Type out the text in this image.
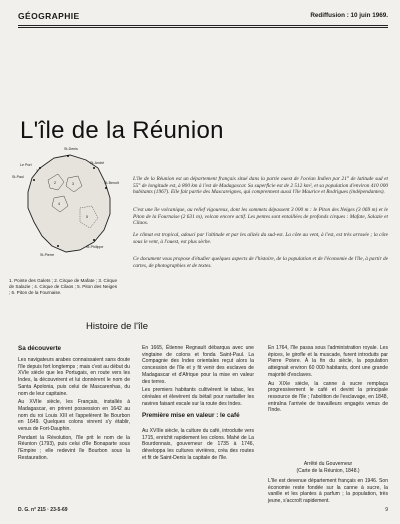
GÉOGRAPHIE	Rediffusion : 10 juin 1969.
L'île de la Réunion
St-Denis
Le Port
St-Paul
St-André
St-Benoît
St-Pierre
St-Philippe
1
2	3
4
5
1. Pointe des Galets ; 2. Cirque de Mafate ; 3. Cirque de Salazie ; 4. Cirque de Cilaos ; 5. Piton des Neiges ; 6. Piton de la Fournaise.
L'île de la Réunion est un département français situé dans la partie ouest de l'océan Indien par 21° de latitude sud et 55° de longitude est, à 800 km à l'est de Madagascar. Sa superficie est de 2 512 km², et sa population d'environ 410 000 habitants (1967). Elle fait partie des Mascareignes, qui comprennent aussi l'île Maurice et Rodrigues (indépendantes).
C'est une île volcanique, au relief vigoureux, dont les sommets dépassent 3 000 m : le Piton des Neiges (3 069 m) et le Piton de la Fournaise (2 631 m), volcan encore actif. Les pentes sont entaillées de profonds cirques : Mafate, Salazie et Cilaos.
Le climat est tropical, adouci par l'altitude et par les alizés du sud-est. La côte au vent, à l'est, est très arrosée ; la côte sous le vent, à l'ouest, est plus sèche.
Ce document vous propose d'étudier quelques aspects de l'histoire, de la population et de l'économie de l'île, à partir de cartes, de photographies et de textes.
Histoire de l'île
Sa découverte

Les navigateurs arabes connaissaient sans doute l'île depuis fort longtemps ; mais c'est au début du XVIe siècle que les Portugais, en route vers les Indes, la découvrirent et lui donnèrent le nom de Santa Apolonia, puis celui de Mascarenhas, du nom de leur capitaine.

Au XVIIe siècle, les Français, installés à Madagascar, en prirent possession en 1642 au nom du roi Louis XIII et l'appelèrent île Bourbon en 1649. Quelques colons vinrent s'y établir, venus de Fort-Dauphin.

Pendant la Révolution, l'île prit le nom de la Réunion (1793), puis celui d'île Bonaparte sous l'Empire ; elle redevint île Bourbon sous la Restauration.

En 1665, Étienne Regnault débarqua avec une vingtaine de colons et fonda Saint-Paul. La Compagnie des Indes orientales reçut alors la concession de l'île et y fit venir des esclaves de Madagascar et d'Afrique pour la mise en valeur des terres.

Les premiers habitants cultivèrent le tabac, les céréales et élevèrent du bétail pour ravitailler les navires faisant escale sur la route des Indes.

Première mise en valeur : le café

Au XVIIIe siècle, la culture du café, introduite vers 1715, enrichit rapidement les colons. Mahé de La Bourdonnais, gouverneur de 1735 à 1746, développa les cultures vivrières, créa des routes et fit de Saint-Denis la capitale de l'île.

En 1764, l'île passa sous l'administration royale. Les épices, le girofle et la muscade, furent introduits par Pierre Poivre. À la fin du siècle, la population atteignait environ 60 000 habitants, dont une grande majorité d'esclaves.

Au XIXe siècle, la canne à sucre remplaça progressivement le café et devint la principale ressource de l'île ; l'abolition de l'esclavage, en 1848, entraîna l'arrivée de travailleurs engagés venus de l'Inde.

Arrêté du Gouverneur
(Carte de la Réunion, 1848.)

L'île est devenue département français en 1946. Son économie reste fondée sur la canne à sucre, la vanille et les plantes à parfum ; la population, très jeune, s'accroît rapidement.

D. G. n° 215 · 23-5-69	9
